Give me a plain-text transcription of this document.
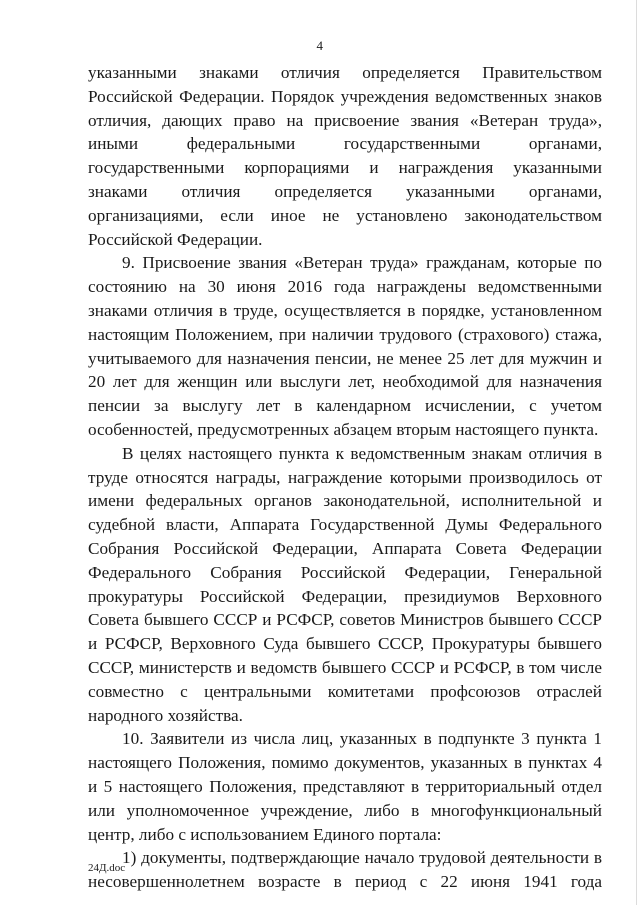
4

указанными знаками отличия определяется Правительством Российской Федерации. Порядок учреждения ведомственных знаков отличия, дающих право на присвоение звания «Ветеран труда», иными федеральными государственными органами, государственными корпорациями и награждения указанными знаками отличия определяется указанными органами, организациями, если иное не установлено законодательством Российской Федерации.

9. Присвоение звания «Ветеран труда» гражданам, которые по состоянию на 30 июня 2016 года награждены ведомственными знаками отличия в труде, осуществляется в порядке, установленном настоящим Положением, при наличии трудового (страхового) стажа, учитываемого для назначения пенсии, не менее 25 лет для мужчин и 20 лет для женщин или выслуги лет, необходимой для назначения пенсии за выслугу лет в календарном исчислении, с учетом особенностей, предусмотренных абзацем вторым настоящего пункта.

В целях настоящего пункта к ведомственным знакам отличия в труде относятся награды, награждение которыми производилось от имени федеральных органов законодательной, исполнительной и судебной власти, Аппарата Государственной Думы Федерального Собрания Российской Федерации, Аппарата Совета Федерации Федерального Собрания Российской Федерации, Генеральной прокуратуры Российской Федерации, президиумов Верховного Совета бывшего СССР и РСФСР, советов Министров бывшего СССР и РСФСР, Верховного Суда бывшего СССР, Прокуратуры бывшего СССР, министерств и ведомств бывшего СССР и РСФСР, в том числе совместно с центральными комитетами профсоюзов отраслей народного хозяйства.

10. Заявители из числа лиц, указанных в подпункте 3 пункта 1 настоящего Положения, помимо документов, указанных в пунктах 4 и 5 настоящего Положения, представляют в территориальный отдел или уполномоченное учреждение, либо в многофункциональный центр, либо с использованием Единого портала:

1) документы, подтверждающие начало трудовой деятельности в несовершеннолетнем возрасте в период с 22 июня 1941 года

24Д.doc
